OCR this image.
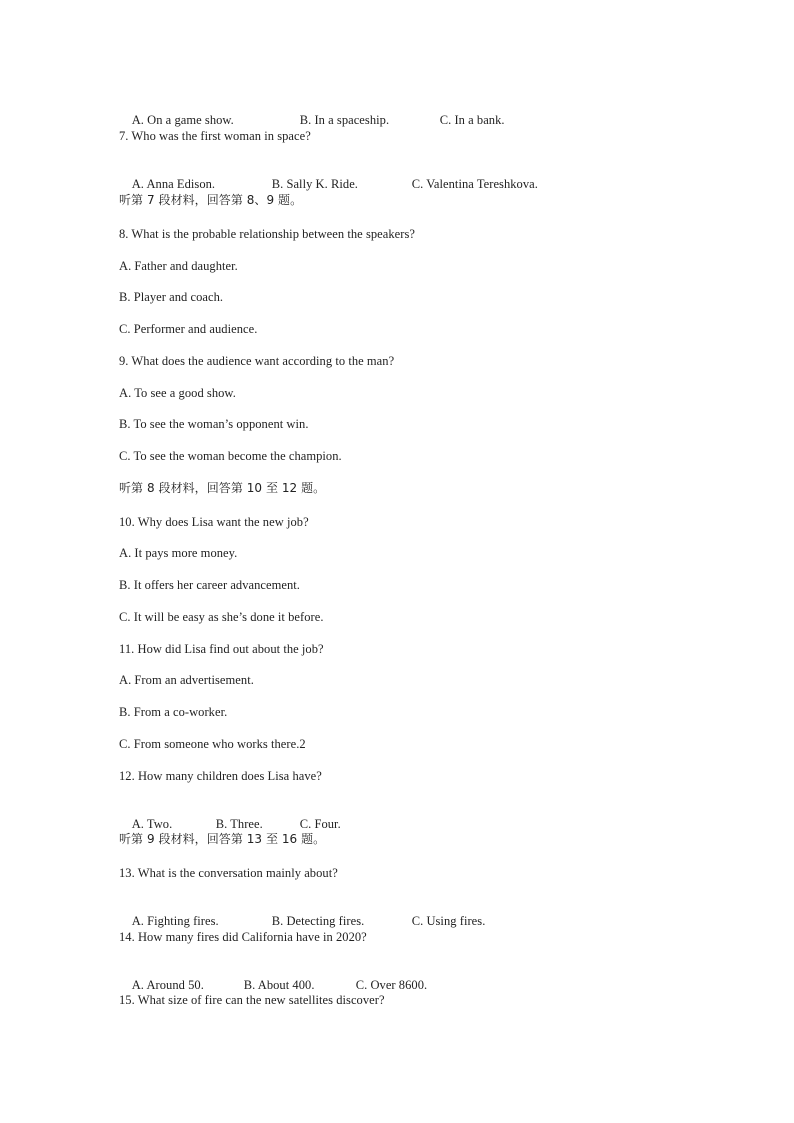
A. On a game show.	B. In a spaceship.	C. In a bank.

7. Who was the first woman in space?

A. Anna Edison.	B. Sally K. Ride.	C. Valentina Tereshkova.

听第 7 段材料，回答第 8、9 题。
8. What is the probable relationship between the speakers?
A. Father and daughter.
B. Player and coach.
C. Performer and audience.
9. What does the audience want according to the man?
A. To see a good show.
B. To see the woman’s opponent win.
C. To see the woman become the champion.
听第 8 段材料，回答第 10 至 12 题。
10. Why does Lisa want the new job?
A. It pays more money.
B. It offers her career advancement.
C. It will be easy as she’s done it before.
11. How did Lisa find out about the job?
A. From an advertisement.
B. From a co-worker.
C. From someone who works there.2
12. How many children does Lisa have?

A. Two.	B. Three.	C. Four.

听第 9 段材料，回答第 13 至 16 题。
13. What is the conversation mainly about?

A. Fighting fires.	B. Detecting fires.	C. Using fires.

14. How many fires did California have in 2020?

A. Around 50.	B. About 400.	C. Over 8600.

15. What size of fire can the new satellites discover?
